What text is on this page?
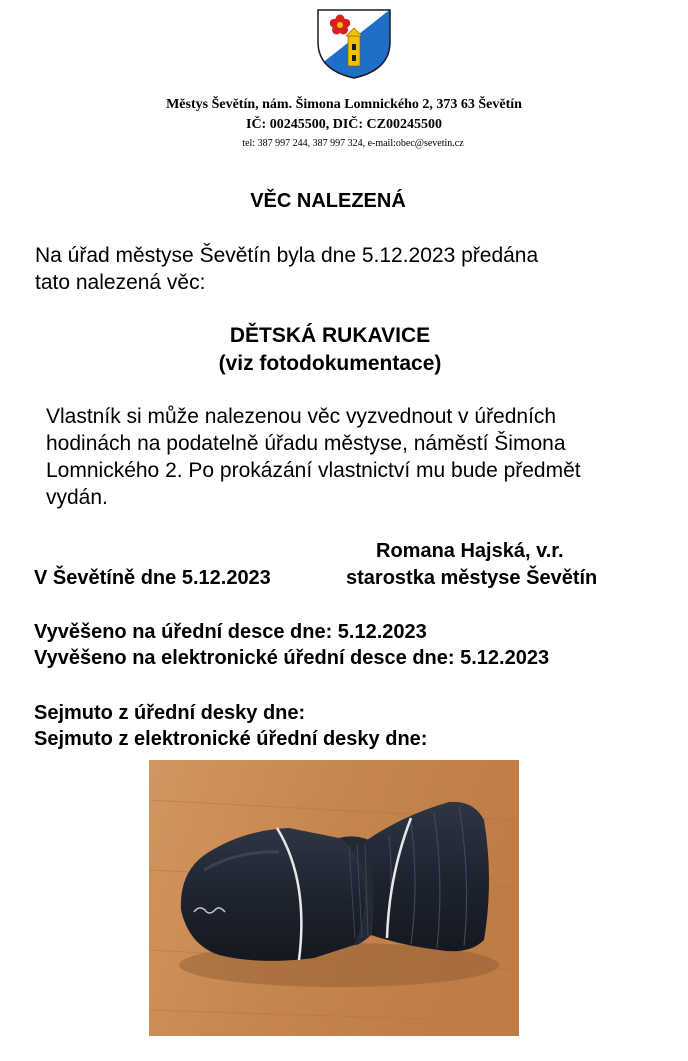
Městys Ševětín, nám. Šimona Lomnického 2, 373 63 Ševětín
IČ: 00245500, DIČ: CZ00245500
tel: 387 997 244, 387 997 324, e-mail:obec@sevetin.cz
VĚC NALEZENÁ
Na úřad městyse Ševětín byla dne 5.12.2023 předána
tato nalezená věc:
DĚTSKÁ RUKAVICE
(viz fotodokumentace)
Vlastník si může nalezenou věc vyzvednout v úředních
hodinách na podatelně úřadu městyse, náměstí Šimona
Lomnického 2. Po prokázání vlastnictví mu bude předmět
vydán.
Romana Hajská, v.r.
V Ševětíně dne 5.12.2023	starostka městyse Ševětín
Vyvěšeno na úřední desce dne: 5.12.2023
Vyvěšeno na elektronické úřední desce dne: 5.12.2023
Sejmuto z úřední desky dne:
Sejmuto z elektronické úřední desky dne:
